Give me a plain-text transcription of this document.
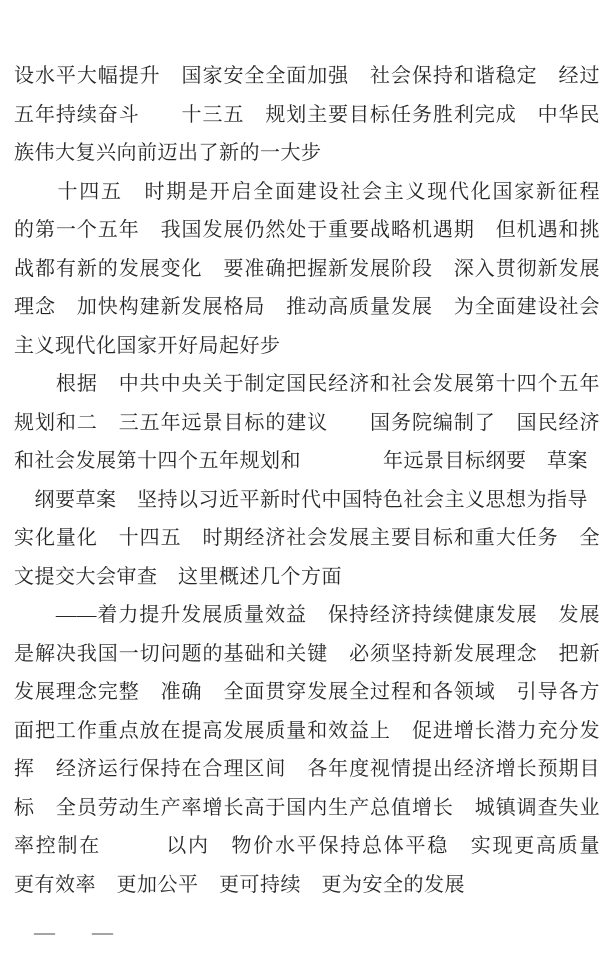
设水平大幅提升　国家安全全面加强　社会保持和谐稳定　经过
五年持续奋斗　　十三五　规划主要目标任务胜利完成　中华民
族伟大复兴向前迈出了新的一大步
　　十四五　时期是开启全面建设社会主义现代化国家新征程
的第一个五年　我国发展仍然处于重要战略机遇期　但机遇和挑
战都有新的发展变化　要准确把握新发展阶段　深入贯彻新发展
理念　加快构建新发展格局　推动高质量发展　为全面建设社会
主义现代化国家开好局起好步
　　根据　中共中央关于制定国民经济和社会发展第十四个五年
规划和二　三五年远景目标的建议　　国务院编制了　国民经济
和社会发展第十四个五年规划和　　　　年远景目标纲要　草案
　纲要草案　坚持以习近平新时代中国特色社会主义思想为指导
实化量化　十四五　时期经济社会发展主要目标和重大任务　全
文提交大会审查　这里概述几个方面
　　——着力提升发展质量效益　保持经济持续健康发展　发展
是解决我国一切问题的基础和关键　必须坚持新发展理念　把新
发展理念完整　准确　全面贯穿发展全过程和各领域　引导各方
面把工作重点放在提高发展质量和效益上　促进增长潜力充分发
挥　经济运行保持在合理区间　各年度视情提出经济增长预期目
标　全员劳动生产率增长高于国内生产总值增长　城镇调查失业
率控制在　　　以内　物价水平保持总体平稳　实现更高质量
更有效率　更加公平　更可持续　更为安全的发展
—　—
